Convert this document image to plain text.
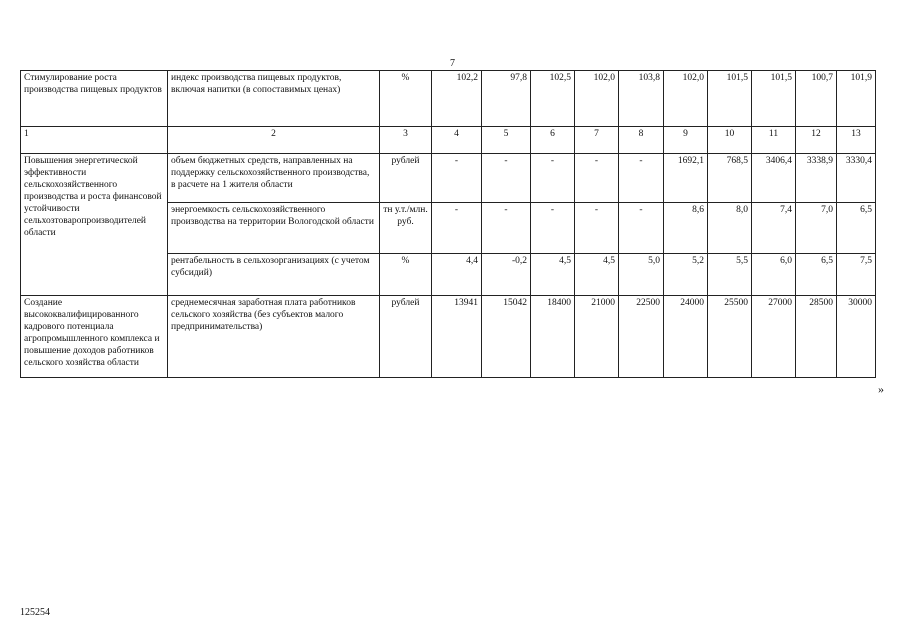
7
Стимулирование роста производства пищевых продуктов	индекс производства пищевых продуктов, включая напитки (в сопоставимых ценах)	%	102,2	97,8	102,5	102,0	103,8	102,0	101,5	101,5	100,7	101,9
1	2	3	4	5	6	7	8	9	10	11	12	13
Повышения энергетической эффективности сельскохозяйственного производства и роста финансовой устойчивости сельхозтоваропроизводителей области	объем бюджетных средств, направленных на поддержку сельскохозяйственного производства, в расчете на 1 жителя области	рублей	-	-	-	-	-	1692,1	768,5	3406,4	3338,9	3330,4
	энергоемкость сельскохозяйственного производства на территории Вологодской области	тн у.т./млн. руб.	-	-	-	-	-	8,6	8,0	7,4	7,0	6,5
	рентабельность в сельхозорганизациях (с учетом субсидий)	%	4,4	-0,2	4,5	4,5	5,0	5,2	5,5	6,0	6,5	7,5
Создание высококвалифицированного кадрового потенциала агропромышленного комплекса и повышение доходов работников сельского хозяйства области	среднемесячная заработная плата работников сельского хозяйства (без субъектов малого предпринимательства)	рублей	13941	15042	18400	21000	22500	24000	25500	27000	28500	30000
»
125254
